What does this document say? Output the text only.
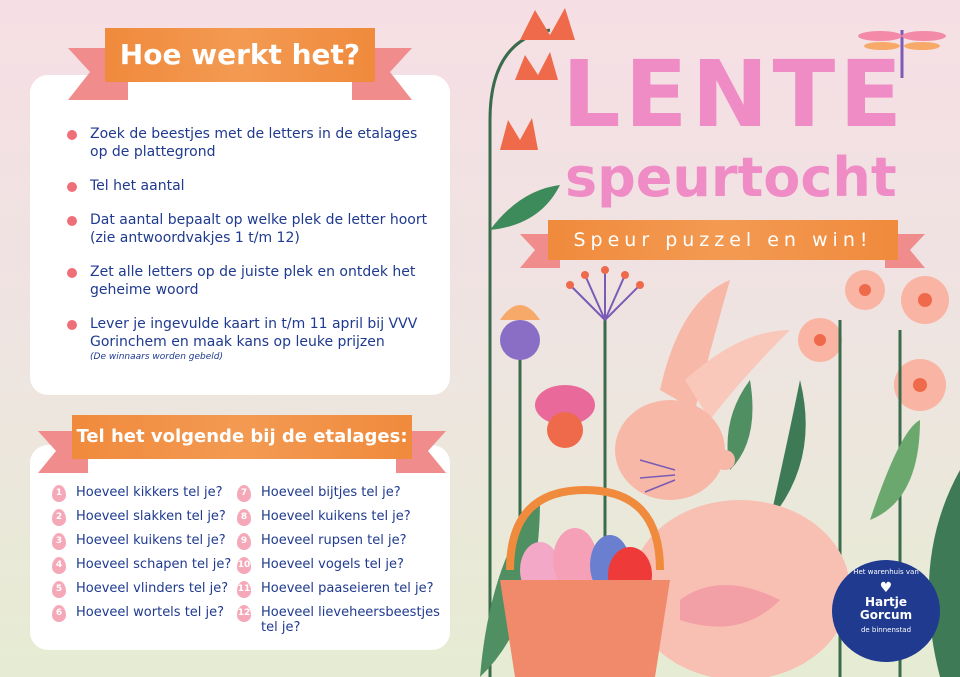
Hoe werkt het?
Zoek de beestjes met de letters in de etalages op de plattegrond
Tel het aantal
Dat aantal bepaalt op welke plek de letter hoort (zie antwoordvakjes 1 t/m 12)
Zet alle letters op de juiste plek en ontdek het geheime woord
Lever je ingevulde kaart in t/m 11 april bij VVV Gorinchem en maak kans op leuke prijzen
(De winnaars worden gebeld)
Tel het volgende bij de etalages:
1 Hoeveel kikkers tel je?
2 Hoeveel slakken tel je?
3 Hoeveel kuikens tel je?
4 Hoeveel schapen tel je?
5 Hoeveel vlinders tel je?
6 Hoeveel wortels tel je?
7 Hoeveel bijtjes tel je?
8 Hoeveel kuikens tel je?
9 Hoeveel rupsen tel je?
10 Hoeveel vogels tel je?
11 Hoeveel paaseieren tel je?
12 Hoeveel lieveheersbeestjes tel je?
LENTE
speurtocht
Speur puzzel en win!
Het warenhuis van
♥
Hartje
Gorcum
de binnenstad
